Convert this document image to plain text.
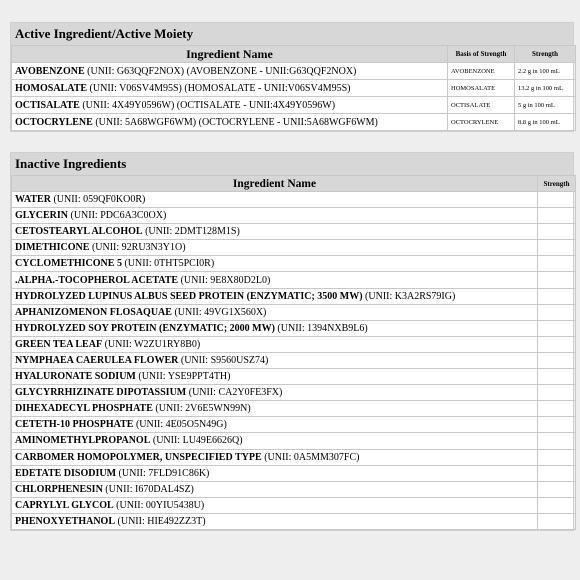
Active Ingredient/Active Moiety
Ingredient Name	Basis of Strength	Strength
AVOBENZONE (UNII: G63QQF2NOX) (AVOBENZONE - UNII:G63QQF2NOX)	AVOBENZONE	2.2 g in 100 mL
HOMOSALATE (UNII: V06SV4M95S) (HOMOSALATE - UNII:V06SV4M95S)	HOMOSALATE	13.2 g in 100 mL
OCTISALATE (UNII: 4X49Y0596W) (OCTISALATE - UNII:4X49Y0596W)	OCTISALATE	5 g in 100 mL
OCTOCRYLENE (UNII: 5A68WGF6WM) (OCTOCRYLENE - UNII:5A68WGF6WM)	OCTOCRYLENE	8.8 g in 100 mL
Inactive Ingredients
Ingredient Name	Strength
WATER (UNII: 059QF0KO0R)	
GLYCERIN (UNII: PDC6A3C0OX)	
CETOSTEARYL ALCOHOL (UNII: 2DMT128M1S)	
DIMETHICONE (UNII: 92RU3N3Y1O)	
CYCLOMETHICONE 5 (UNII: 0THT5PCI0R)	
.ALPHA.-TOCOPHEROL ACETATE (UNII: 9E8X80D2L0)	
HYDROLYZED LUPINUS ALBUS SEED PROTEIN (ENZYMATIC; 3500 MW) (UNII: K3A2RS79IG)	
APHANIZOMENON FLOSAQUAE (UNII: 49VG1X560X)	
HYDROLYZED SOY PROTEIN (ENZYMATIC; 2000 MW) (UNII: 1394NXB9L6)	
GREEN TEA LEAF (UNII: W2ZU1RY8B0)	
NYMPHAEA CAERULEA FLOWER (UNII: S9560USZ74)	
HYALURONATE SODIUM (UNII: YSE9PPT4TH)	
GLYCYRRHIZINATE DIPOTASSIUM (UNII: CA2Y0FE3FX)	
DIHEXADECYL PHOSPHATE (UNII: 2V6E5WN99N)	
CETETH-10 PHOSPHATE (UNII: 4E05O5N49G)	
AMINOMETHYLPROPANOL (UNII: LU49E6626Q)	
CARBOMER HOMOPOLYMER, UNSPECIFIED TYPE (UNII: 0A5MM307FC)	
EDETATE DISODIUM (UNII: 7FLD91C86K)	
CHLORPHENESIN (UNII: I670DAL4SZ)	
CAPRYLYL GLYCOL (UNII: 00YIU5438U)	
PHENOXYETHANOL (UNII: HIE492ZZ3T)	
